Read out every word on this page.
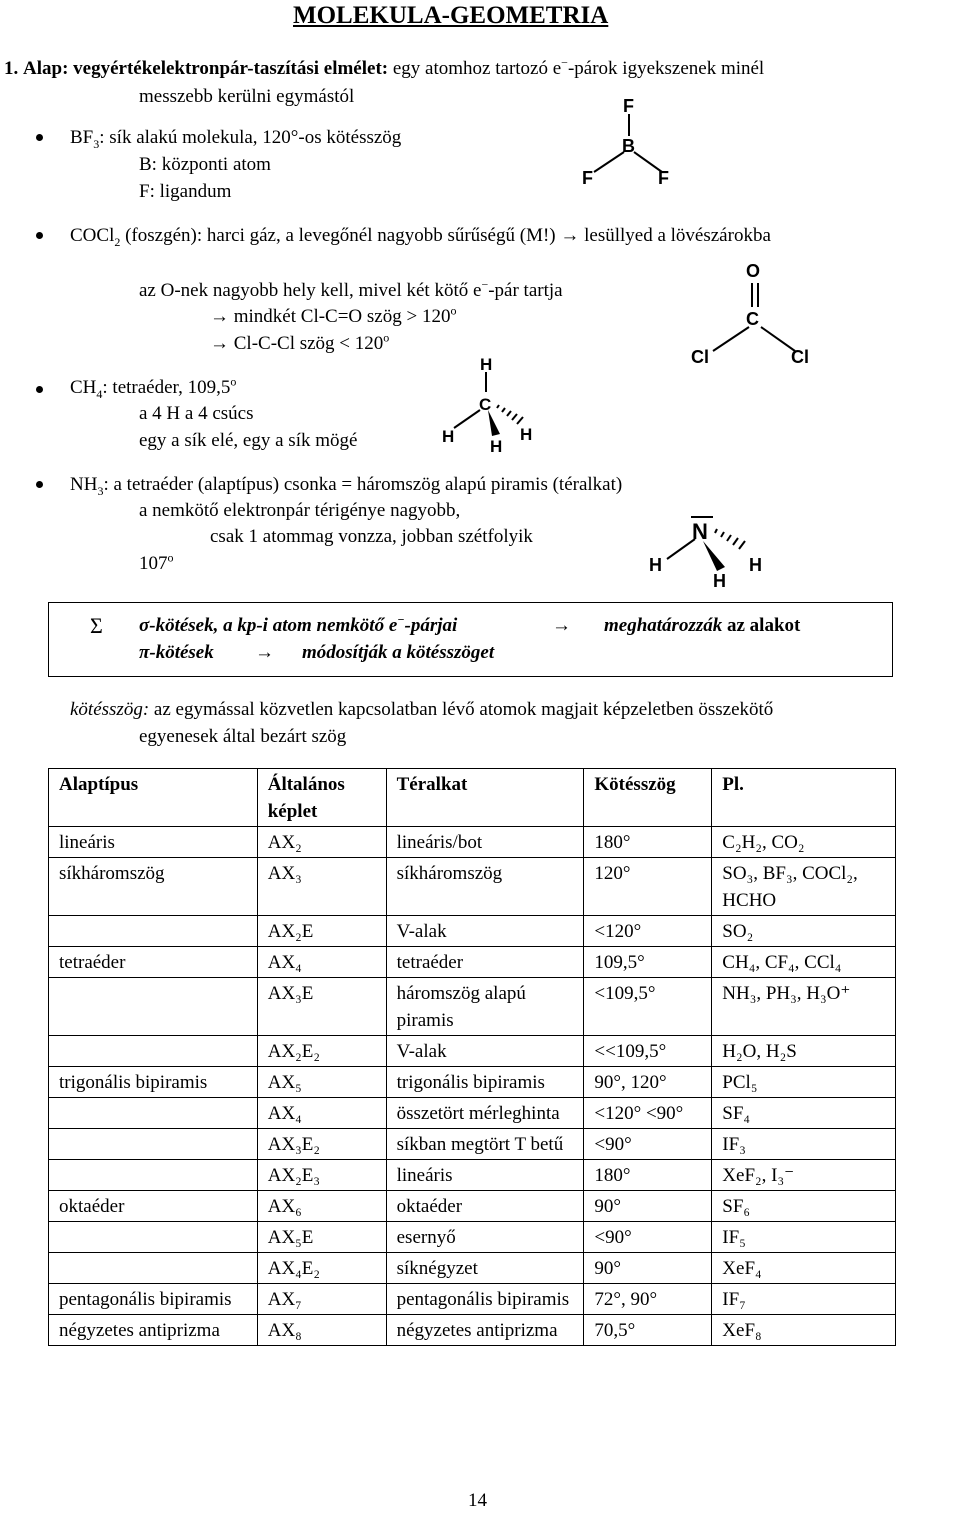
MOLEKULA-GEOMETRIA
1. Alap: vegyértékelektronpár-taszítási elmélet: egy atomhoz tartozó e−-párok igyekszenek minél
messzebb kerülni egymástól
$BF_3$: sík alakú molekula, 120°-os kötésszög
B: központi atom
F: ligandum
F
B
F	F
COCl$_2$ (foszgén): harci gáz, a levegőnél nagyobb sűrűségű (M!) → lesüllyed a lövészárokba
az O-nek nagyobb hely kell, mivel két kötő e−-pár tartja
→ mindkét Cl-C=O szög > $120^o$
→ Cl-C-Cl szög < $120^o$
O
C
Cl	Cl
$CH_4$: tetraéder, 109,5$^o$
a 4 H a 4 csúcs
egy a sík elé, egy a sík mögé
H
C
H
H
H
$NH_3$: a tetraéder (alaptípus) csonka = háromszög alapú piramis (téralkat)
a nemkötő elektronpár térigénye nagyobb,
csak 1 atommag vonzza, jobban szétfolyik
107$^o$
N
H
H
H
Σ σ-kötések, a kp-i atom nemkötő e−-párjai	→ meghatározzák az alakot
π-kötések → módosítják a kötésszöget
kötésszög: az egymással közvetlen kapcsolatban lévő atomok magjait képzeletben összekötő
egyenesek által bezárt szög
Alaptípus	Általános képlet	Téralkat	Kötésszög	Pl.
lineáris	AX₂	lineáris/bot	180°	C₂H₂, CO₂
síkháromszög	AX₃	síkháromszög	120°	SO₃, BF₃, COCl₂, HCHO
	AX₂E	V-alak	<120°	SO₂
tetraéder	AX₄	tetraéder	109,5°	CH₄, CF₄, CCl₄
	AX₃E	háromszög alapú piramis	<109,5°	NH₃, PH₃, H₃O⁺
	AX₂E₂	V-alak	<<109,5°	H₂O, H₂S
trigonális bipiramis	AX₅	trigonális bipiramis	90°, 120°	PCl₅
	AX₄	összetört mérleghinta	<120° <90°	SF₄
	AX₃E₂	síkban megtört T betű	<90°	IF₃
	AX₂E₃	lineáris	180°	XeF₂, I₃⁻
oktaéder	AX₆	oktaéder	90°	SF₆
	AX₅E	esernyő	<90°	IF₅
	AX₄E₂	síknégyzet	90°	XeF₄
pentagonális bipiramis	AX₇	pentagonális bipiramis	72°, 90°	IF₇
négyzetes antiprizma	AX₈	négyzetes antiprizma	70,5°	XeF₈
14
